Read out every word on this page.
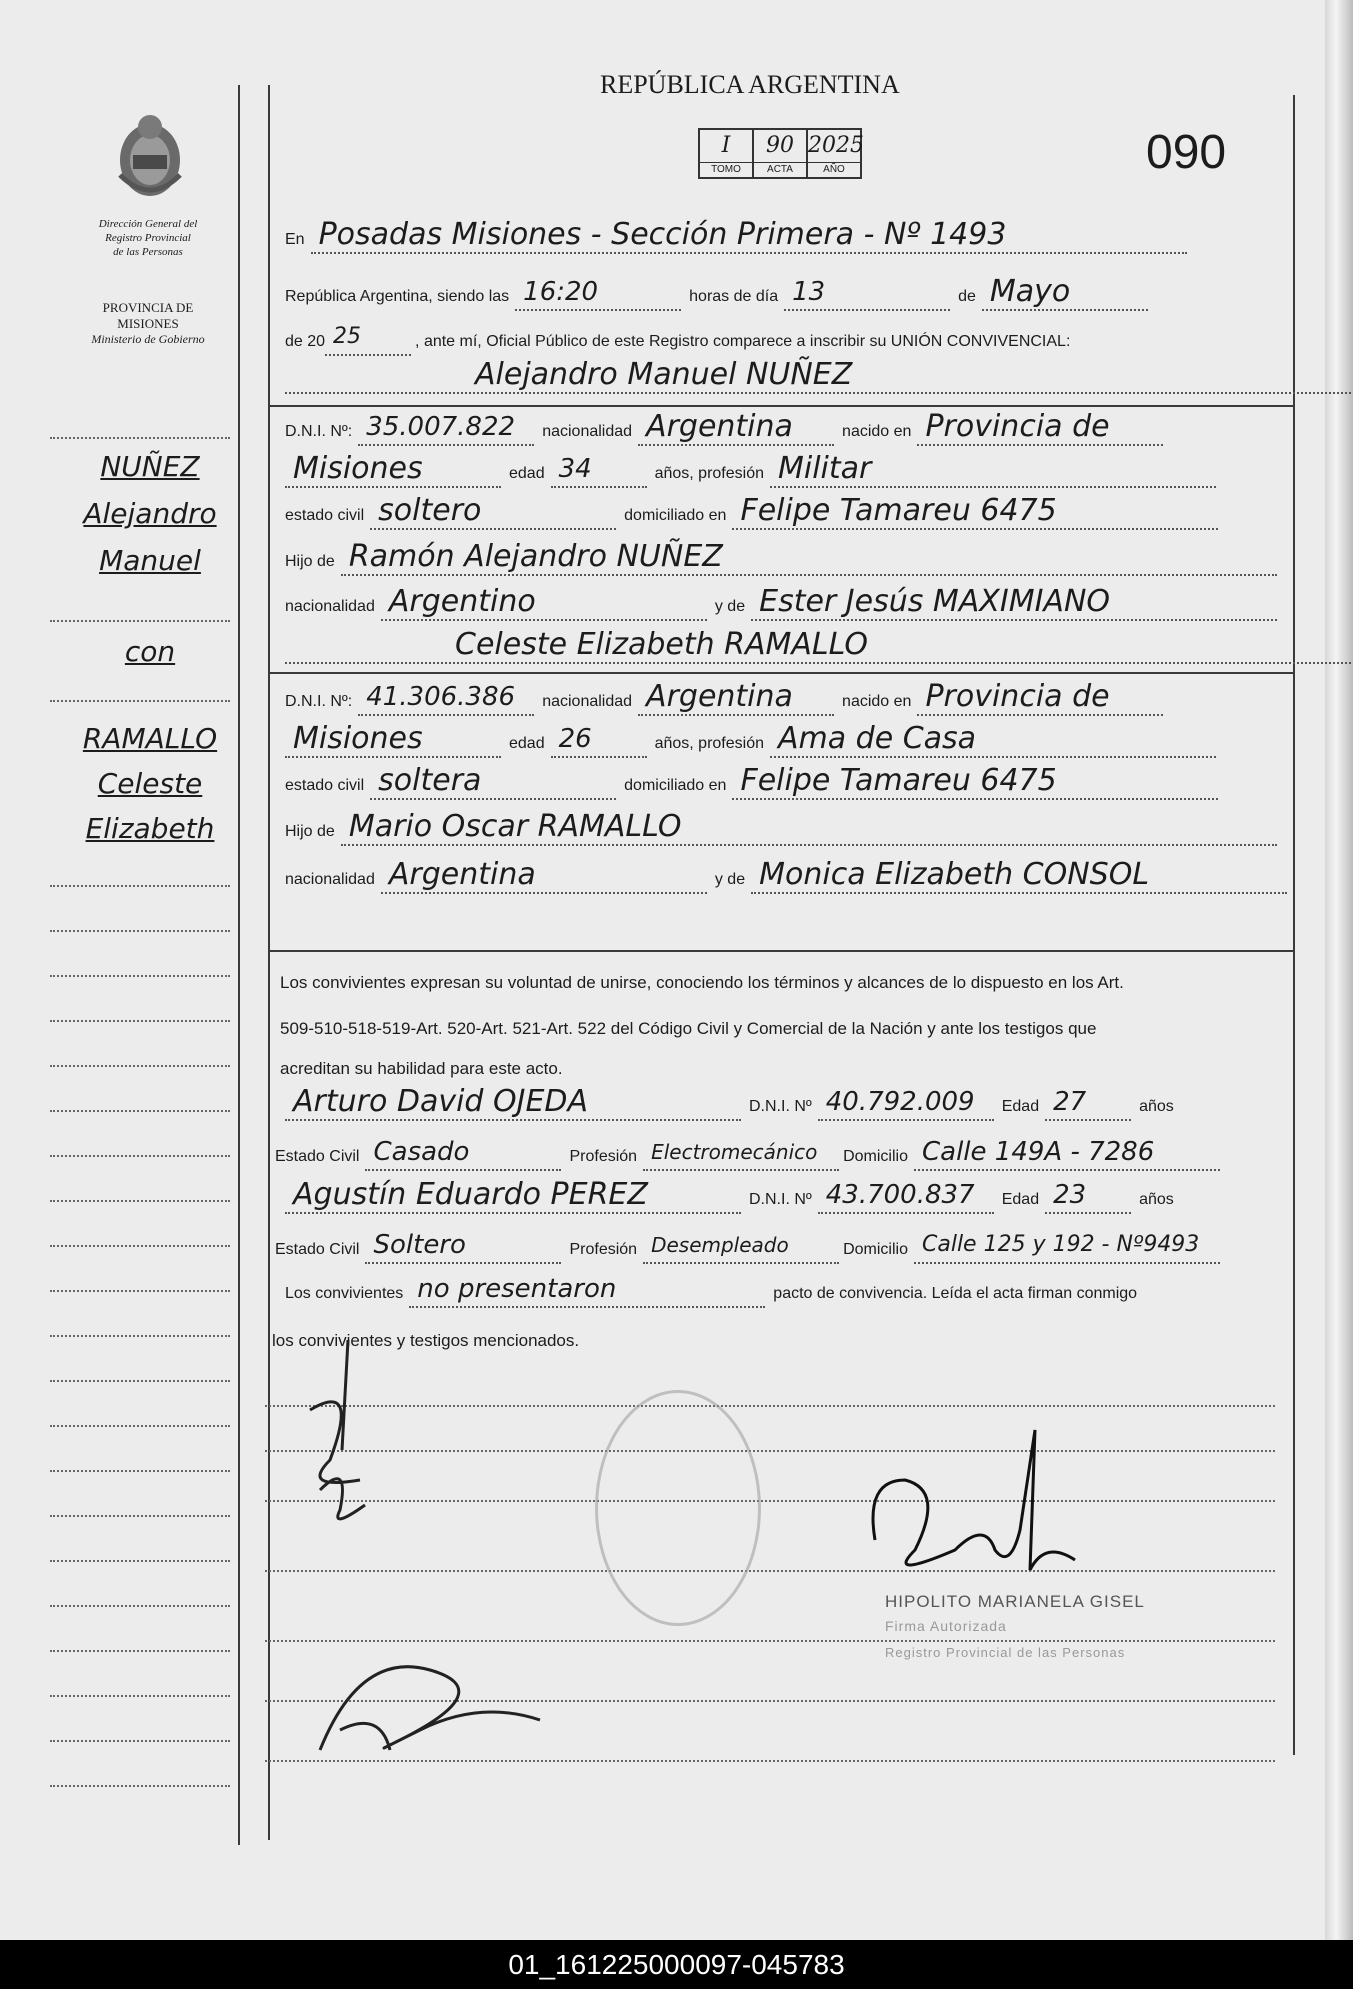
REPÚBLICA ARGENTINA
I
TOMO
90
ACTA
2025
AÑO	090
Dirección General del
Registro Provincial
de las Personas
PROVINCIA DE
MISIONES
Ministerio de Gobierno
NUÑEZ
Alejandro
Manuel
con
RAMALLO
Celeste
Elizabeth
En Posadas Misiones - Sección Primera - Nº 1493
República Argentina, siendo las 16:20	horas de día 13	de Mayo
de 20 25	, ante mí, Oficial Público de este Registro comparece a inscribir su UNIÓN CONVIVENCIAL:
Alejandro Manuel NUÑEZ
D.N.I. Nº: 35.007.822	nacionalidad Argentina	nacido en Provincia de
Misiones	edad 34	años, profesión Militar
estado civil soltero	domiciliado en Felipe Tamareu 6475
Hijo de Ramón Alejandro NUÑEZ
nacionalidad Argentino	y de Ester Jesús MAXIMIANO
Celeste Elizabeth RAMALLO
D.N.I. Nº: 41.306.386	nacionalidad Argentina	nacido en Provincia de
Misiones	edad 26	años, profesión Ama de Casa
estado civil soltera	domiciliado en Felipe Tamareu 6475
Hijo de Mario Oscar RAMALLO
nacionalidad Argentina	y de Monica Elizabeth CONSOL
Los convivientes expresan su voluntad de unirse, conociendo los términos y alcances de lo dispuesto en los Art.
509-510-518-519-Art. 520-Art. 521-Art. 522 del Código Civil y Comercial de la Nación y ante los testigos que
acreditan su habilidad para este acto.
Arturo David OJEDA	D.N.I. Nº 40.792.009	Edad 27	años
Estado Civil Casado	Profesión Electromecánico	Domicilio Calle 149A - 7286
Agustín Eduardo PEREZ	D.N.I. Nº 43.700.837	Edad 23	años
Estado Civil Soltero	Profesión Desempleado	Domicilio Calle 125 y 192 - Nº9493
Los convivientes no presentaron	pacto de convivencia. Leída el acta firman conmigo
los convivientes y testigos mencionados.
HIPOLITO MARIANELA GISEL
Firma Autorizada
Registro Provincial de las Personas
01_161225000097-045783
